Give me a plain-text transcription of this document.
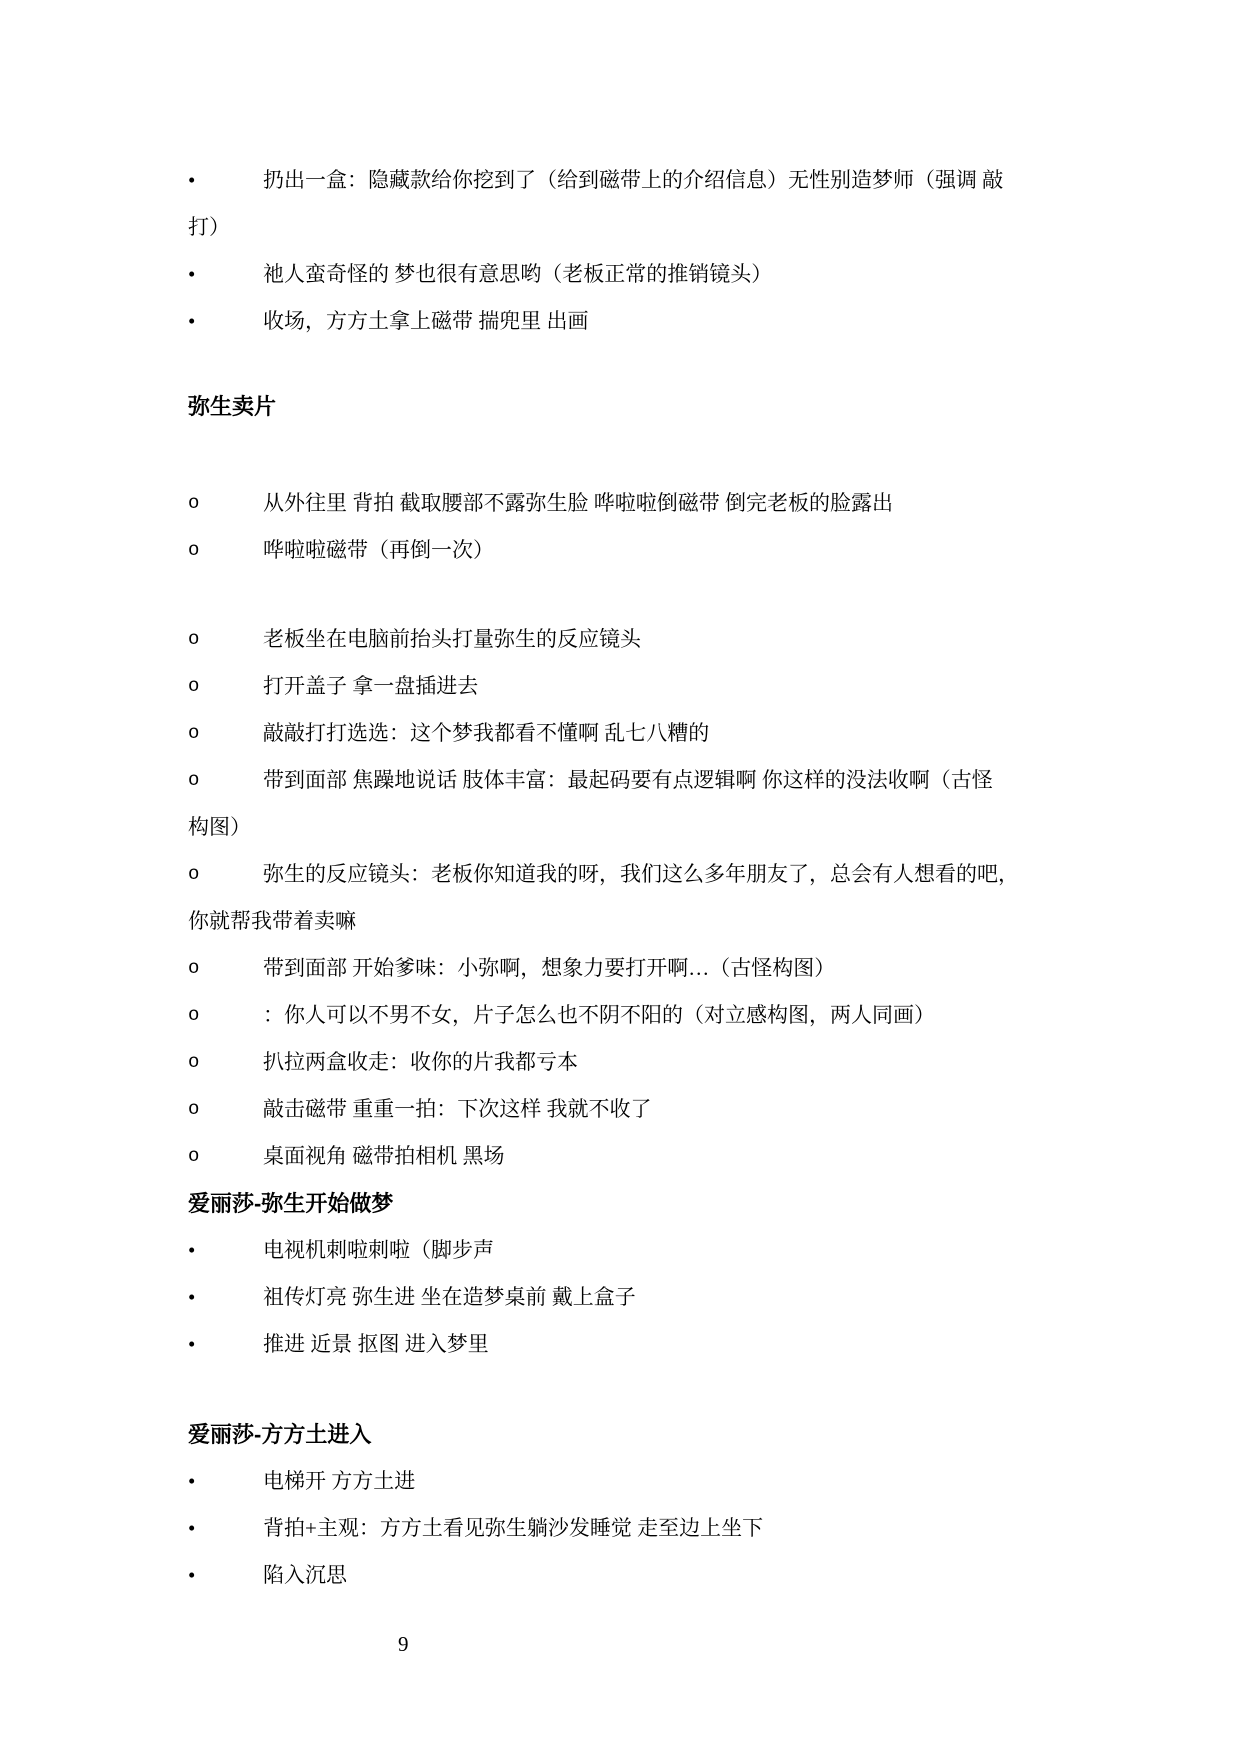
•	扔出一盒：隐藏款给你挖到了（给到磁带上的介绍信息）无性别造梦师（强调 敲
打）
•	祂人蛮奇怪的 梦也很有意思哟（老板正常的推销镜头）
•	收场，方方土拿上磁带 揣兜里 出画
弥生卖片
o	从外往里 背拍 截取腰部不露弥生脸 哗啦啦倒磁带 倒完老板的脸露出
o	哗啦啦磁带（再倒一次）
o	老板坐在电脑前抬头打量弥生的反应镜头
o	打开盖子 拿一盘插进去
o	敲敲打打选选：这个梦我都看不懂啊 乱七八糟的
o	带到面部 焦躁地说话 肢体丰富：最起码要有点逻辑啊 你这样的没法收啊（古怪
构图）
o	弥生的反应镜头：老板你知道我的呀，我们这么多年朋友了，总会有人想看的吧，
你就帮我带着卖嘛
o	带到面部 开始爹味：小弥啊，想象力要打开啊…（古怪构图）
o	：你人可以不男不女，片子怎么也不阴不阳的（对立感构图，两人同画）
o	扒拉两盒收走：收你的片我都亏本
o	敲击磁带 重重一拍：下次这样 我就不收了
o	桌面视角 磁带拍相机 黑场
爱丽莎-弥生开始做梦
•	电视机刺啦刺啦（脚步声
•	祖传灯亮 弥生进 坐在造梦桌前 戴上盒子
•	推进 近景 抠图 进入梦里
爱丽莎-方方土进入
•	电梯开 方方土进
•	背拍+主观：方方土看见弥生躺沙发睡觉 走至边上坐下
•	陷入沉思
9
